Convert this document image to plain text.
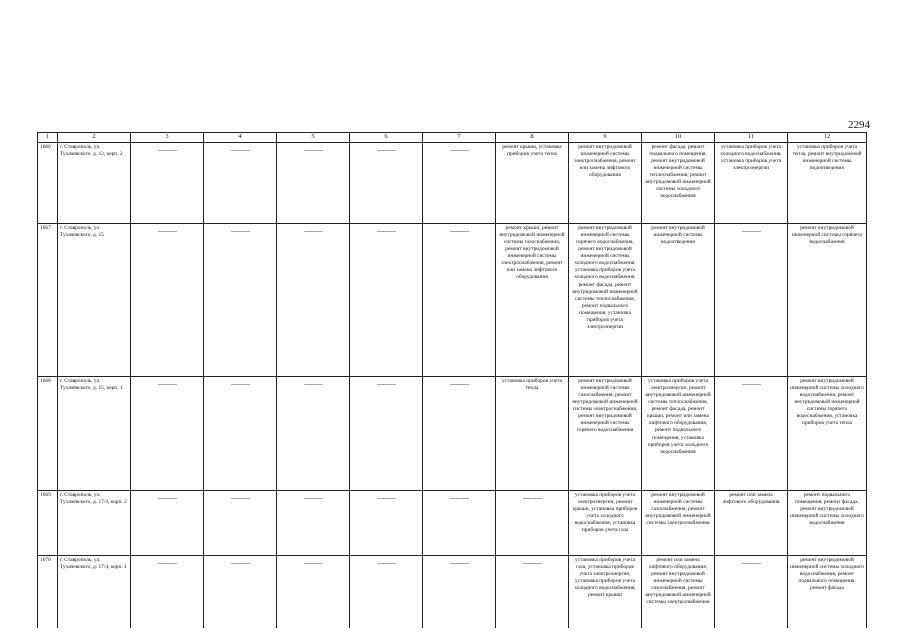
2294
1	2	3	4	5	6	7	8	9	10	11	12
1666	г. Ставрополь, ул. Тухачевского, д. 12, корп. 2	———	———	———	———	———	ремонт крыши, установка приборов учета тепла	ремонт внутридомовой инженерной системы электроснабжения, ремонт или замена лифтового оборудования	ремонт фасада, ремонт подвального помещения, ремонт внутридомовой инженерной системы теплоснабжения, ремонт внутридомовой инженерной системы холодного водоснабжения	установка приборов учета холодного водоснабжения, установка приборов учета электроэнергии	установка приборов учета тепла, ремонт внутридомовой инженерной системы водоотведения
1667	г. Ставрополь, ул. Тухачевского, д. 15	———	———	———	———	———	ремонт крыши, ремонт внутридомовой инженерной системы газоснабжения, ремонт внутридомовой инженерной системы электроснабжения, ремонт или замена лифтового оборудования	ремонт внутридомовой инженерной системы горячего водоснабжения, ремонт внутридомовой инженерной системы холодного водоснабжения, установка приборов учета холодного водоснабжения, ремонт фасада, ремонт внутридомовой инженерной системы теплоснабжения, ремонт подвального помещения, установка приборов учета электроэнергии	ремонт внутридомовой инженерной системы водоотведения	———	ремонт внутридомовой инженерной системы горячего водоснабжения
1668	г. Ставрополь, ул. Тухачевского, д. 15, корп. 1	———	———	———	———	———	установка приборов учета тепла	ремонт внутридомовой инженерной системы газоснабжения, ремонт внутридомовой инженерной системы электроснабжения, ремонт внутридомовой инженерной системы горячего водоснабжения	установка приборов учета электроэнергии, ремонт внутридомовой инженерной системы теплоснабжения, ремонт фасада, ремонт крыши, ремонт или замена лифтового оборудования, ремонт подвального помещения, установка приборов учета холодного водоснабжения	———	ремонт внутридомовой инженерной системы холодного водоснабжения, ремонт внутридомовой инженерной системы горячего водоснабжения, установка приборов учета тепла
1669	г. Ставрополь, ул. Тухачевского, д. 17/4, корп. 2	———	———	———	———	———	———	установка приборов учета электроэнергии, ремонт крыши, установка приборов учета холодного водоснабжения, установка приборов учета газа	ремонт внутридомовой инженерной системы газоснабжения, ремонт внутридомовой инженерной системы электроснабжения	ремонт или замена лифтового оборудования	ремонт подвального помещения, ремонт фасада, ремонт внутридомовой инженерной системы холодного водоснабжения
1670	г. Ставрополь, ул. Тухачевского, д. 17/4, корп. 1	———	———	———	———	———	———	установка приборов учета газа, установка приборов учета электроэнергии, установка приборов учета холодного водоснабжения, ремонт крыши	ремонт или замена лифтового оборудования, ремонт внутридомовой инженерной системы газоснабжения, ремонт внутридомовой инженерной системы электроснабжения	———	ремонт внутридомовой инженерной системы холодного водоснабжения, ремонт подвального помещения, ремонт фасада
